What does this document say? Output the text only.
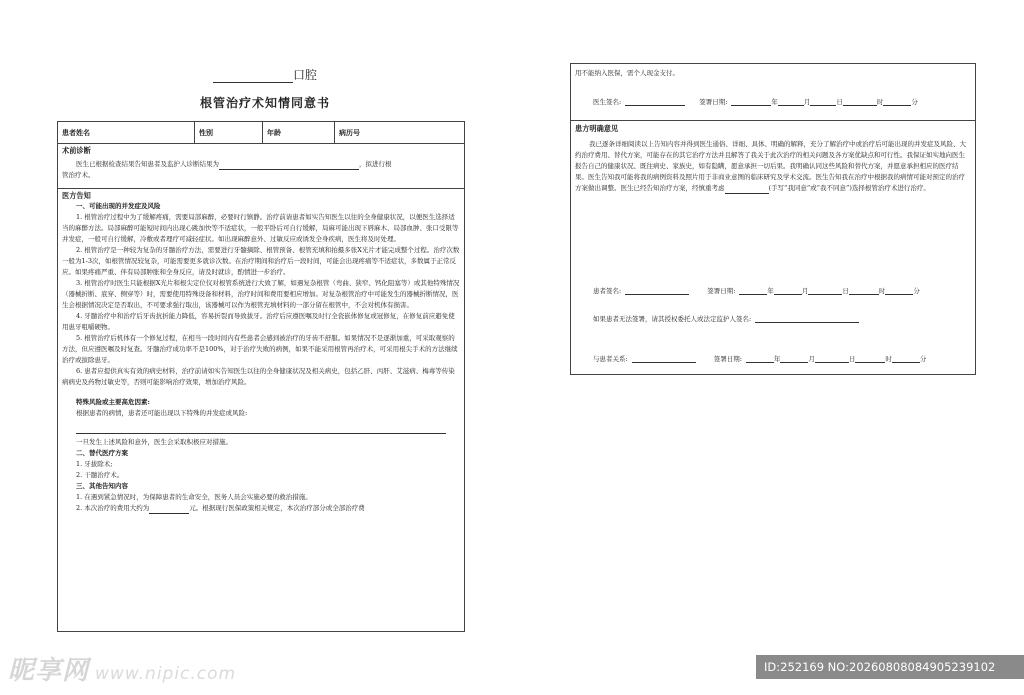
口腔
根管治疗术知情同意书
患者姓名	性别	年龄	病历号
术前诊断

医生已根据检查结果告知患者及监护人诊断结果为	，拟进行根

管治疗术。
医方告知

一、可能出现的并发症及风险

1. 根管治疗过程中为了缓解疼痛，需要局部麻醉，必要时行镇静。治疗前请患者如实告知医生以往的全身健康状况，以便医生选择适当的麻醉方法。局部麻醉可能短时间内出现心跳加快等不适症状，一般平卧后可自行缓解，局麻可能出现下唇麻木、局部血肿、张口受限等并发症，一般可自行缓解，冷敷或者理疗可减轻症状。如出现麻醉意外、过敏反应或诱发全身疾病，医生将及时处理。

2. 根管治疗是一种较为复杂的牙髓治疗方法，需要进行牙髓摘除、根管预备、根管充填和拍摄多张X光片才能完成整个过程。治疗次数一般为1-3次，如根管情况较复杂，可能需要更多就诊次数。在治疗期间和治疗后一段时间，可能会出现疼痛等不适症状，多数属于正常反应。如果疼痛严重、伴有局部肿胀和全身反应，请及时就诊，酌情进一步治疗。

3. 根管治疗时医生只能根据X光片和根尖定位仪对根管系统进行大致了解，如遇复杂根管（弯曲、狭窄、钙化阻塞等）或其他特殊情况（器械折断、底穿、侧穿等）时，需要使用特殊设备和材料，治疗时间和费用要相应增加。对复杂根管治疗中可能发生的器械折断情况，医生会根据情况决定是否取出，不可要求强行取出，该器械可以作为根管充填材料的一部分留在根管中，不会对机体有损害。

4. 牙髓治疗中和治疗后牙齿抗折能力降低，容易折裂而导致拔牙。治疗后应遵医嘱及时行全瓷嵌体修复或冠修复，在修复前应避免使用患牙咀嚼硬物。

5. 根管治疗后机体有一个修复过程，在相当一段时间内有些患者会感到被治疗的牙齿不舒服。如果情况不是逐渐加重，可采取观察的方法，但应遵医嘱及时复查。牙髓治疗成功率不是100%，对于治疗失败的病例，如果不能采用根管再治疗术，可采用根尖手术的方法继续治疗或拔除患牙。

6. 患者应提供真实有效的病史材料，治疗前请如实告知医生以往的全身健康状况及相关病史，包括乙肝、丙肝、艾滋病、梅毒等传染病病史及药物过敏史等，否则可能影响治疗效果，增加治疗风险。

特殊风险或主要高危因素:

根据患者的病情，患者还可能出现以下特殊的并发症或风险:

一旦发生上述风险和意外，医生会采取积极应对措施。

二、替代医疗方案

1. 牙拔除术;

2. 干髓治疗术。

三、其他告知内容

1. 在遇到紧急情况时，为保障患者的生命安全，医务人员会实施必要的救治措施。

2. 本次治疗的费用大约为	元。根据现行医保政策相关规定，本次治疗部分或全部治疗费

用不能纳入医保，需个人现金支付。
医生签名:	签署日期:	年	月	日	时	分
患方明确意见
我已逐条详细阅读以上告知内容并得到医生通俗、详细、具体、明确的解释，充分了解治疗中或治疗后可能出现的并发症及风险、大约治疗费用、替代方案，可能存在的其它治疗方法并且解答了我关于此次治疗的相关问题及各方案优缺点和可行性。我保证如实地向医生报告自己的健康状况、既往病史、家族史，如有隐瞒，愿意承担一切后果。我明确认同这些风险和替代方案，并愿意承担相应的医疗结果。医生告知我可能将我的病例资料及照片用于非商业意图的临床研究及学术交流。医生告知我在治疗中根据我的病情可能对预定的治疗方案做出调整。医生已经告知治疗方案，经慎重考虑	(手写“我同意”或“我不同意”)选择根管治疗术进行治疗。
患者签名:	签署日期:	年	月	日	时	分
如果患者无法签署，请其授权委托人或法定监护人签名:
与患者关系:	签署日期:	年	月	日	时	分
昵享网 www.nipic.com	ID:252169 NO:20260808084905239102
